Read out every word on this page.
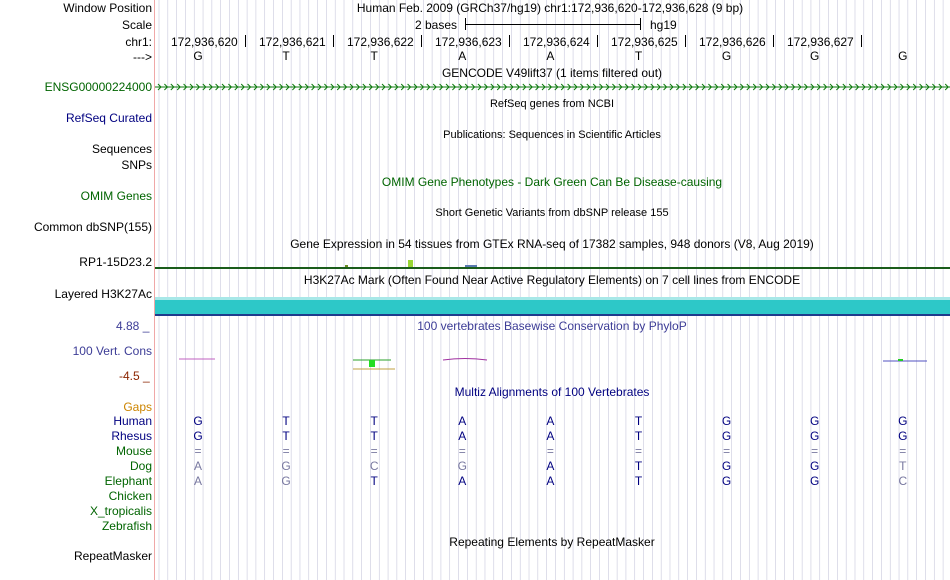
Window Position	Human Feb. 2009 (GRCh37/hg19) chr1:172,936,620-172,936,628 (9 bp)
Scale	2 bases	hg19
chr1: 172,936,620 172,936,621 172,936,622 172,936,623 172,936,624 172,936,625 172,936,626 172,936,627
--->	G	T	T	A	A	T	G	G	G
GENCODE V49lift37 (1 items filtered out)
ENSG00000224000
RefSeq genes from NCBI
RefSeq Curated
Publications: Sequences in Scientific Articles
Sequences
SNPs
OMIM Gene Phenotypes - Dark Green Can Be Disease-causing
OMIM Genes
Short Genetic Variants from dbSNP release 155
Common dbSNP(155)
Gene Expression in 54 tissues from GTEx RNA-seq of 17382 samples, 948 donors (V8, Aug 2019)
RP1-15D23.2
H3K27Ac Mark (Often Found Near Active Regulatory Elements) on 7 cell lines from ENCODE
Layered H3K27Ac
100 vertebrates Basewise Conservation by PhyloP
4.88 _
100 Vert. Cons
-4.5 _
Multiz Alignments of 100 Vertebrates
Gaps
Human	G	T	T	A	A	T	G	G	G
Rhesus	G	T	T	A	A	T	G	G	G
Mouse	=	=	=	=	=	=	=	=	=
Dog	A	G	C	G	A	T	G	G	T
Elephant	A	G	T	A	A	T	G	G	C
Chicken
X_tropicalis
Zebrafish
Repeating Elements by RepeatMasker
RepeatMasker
